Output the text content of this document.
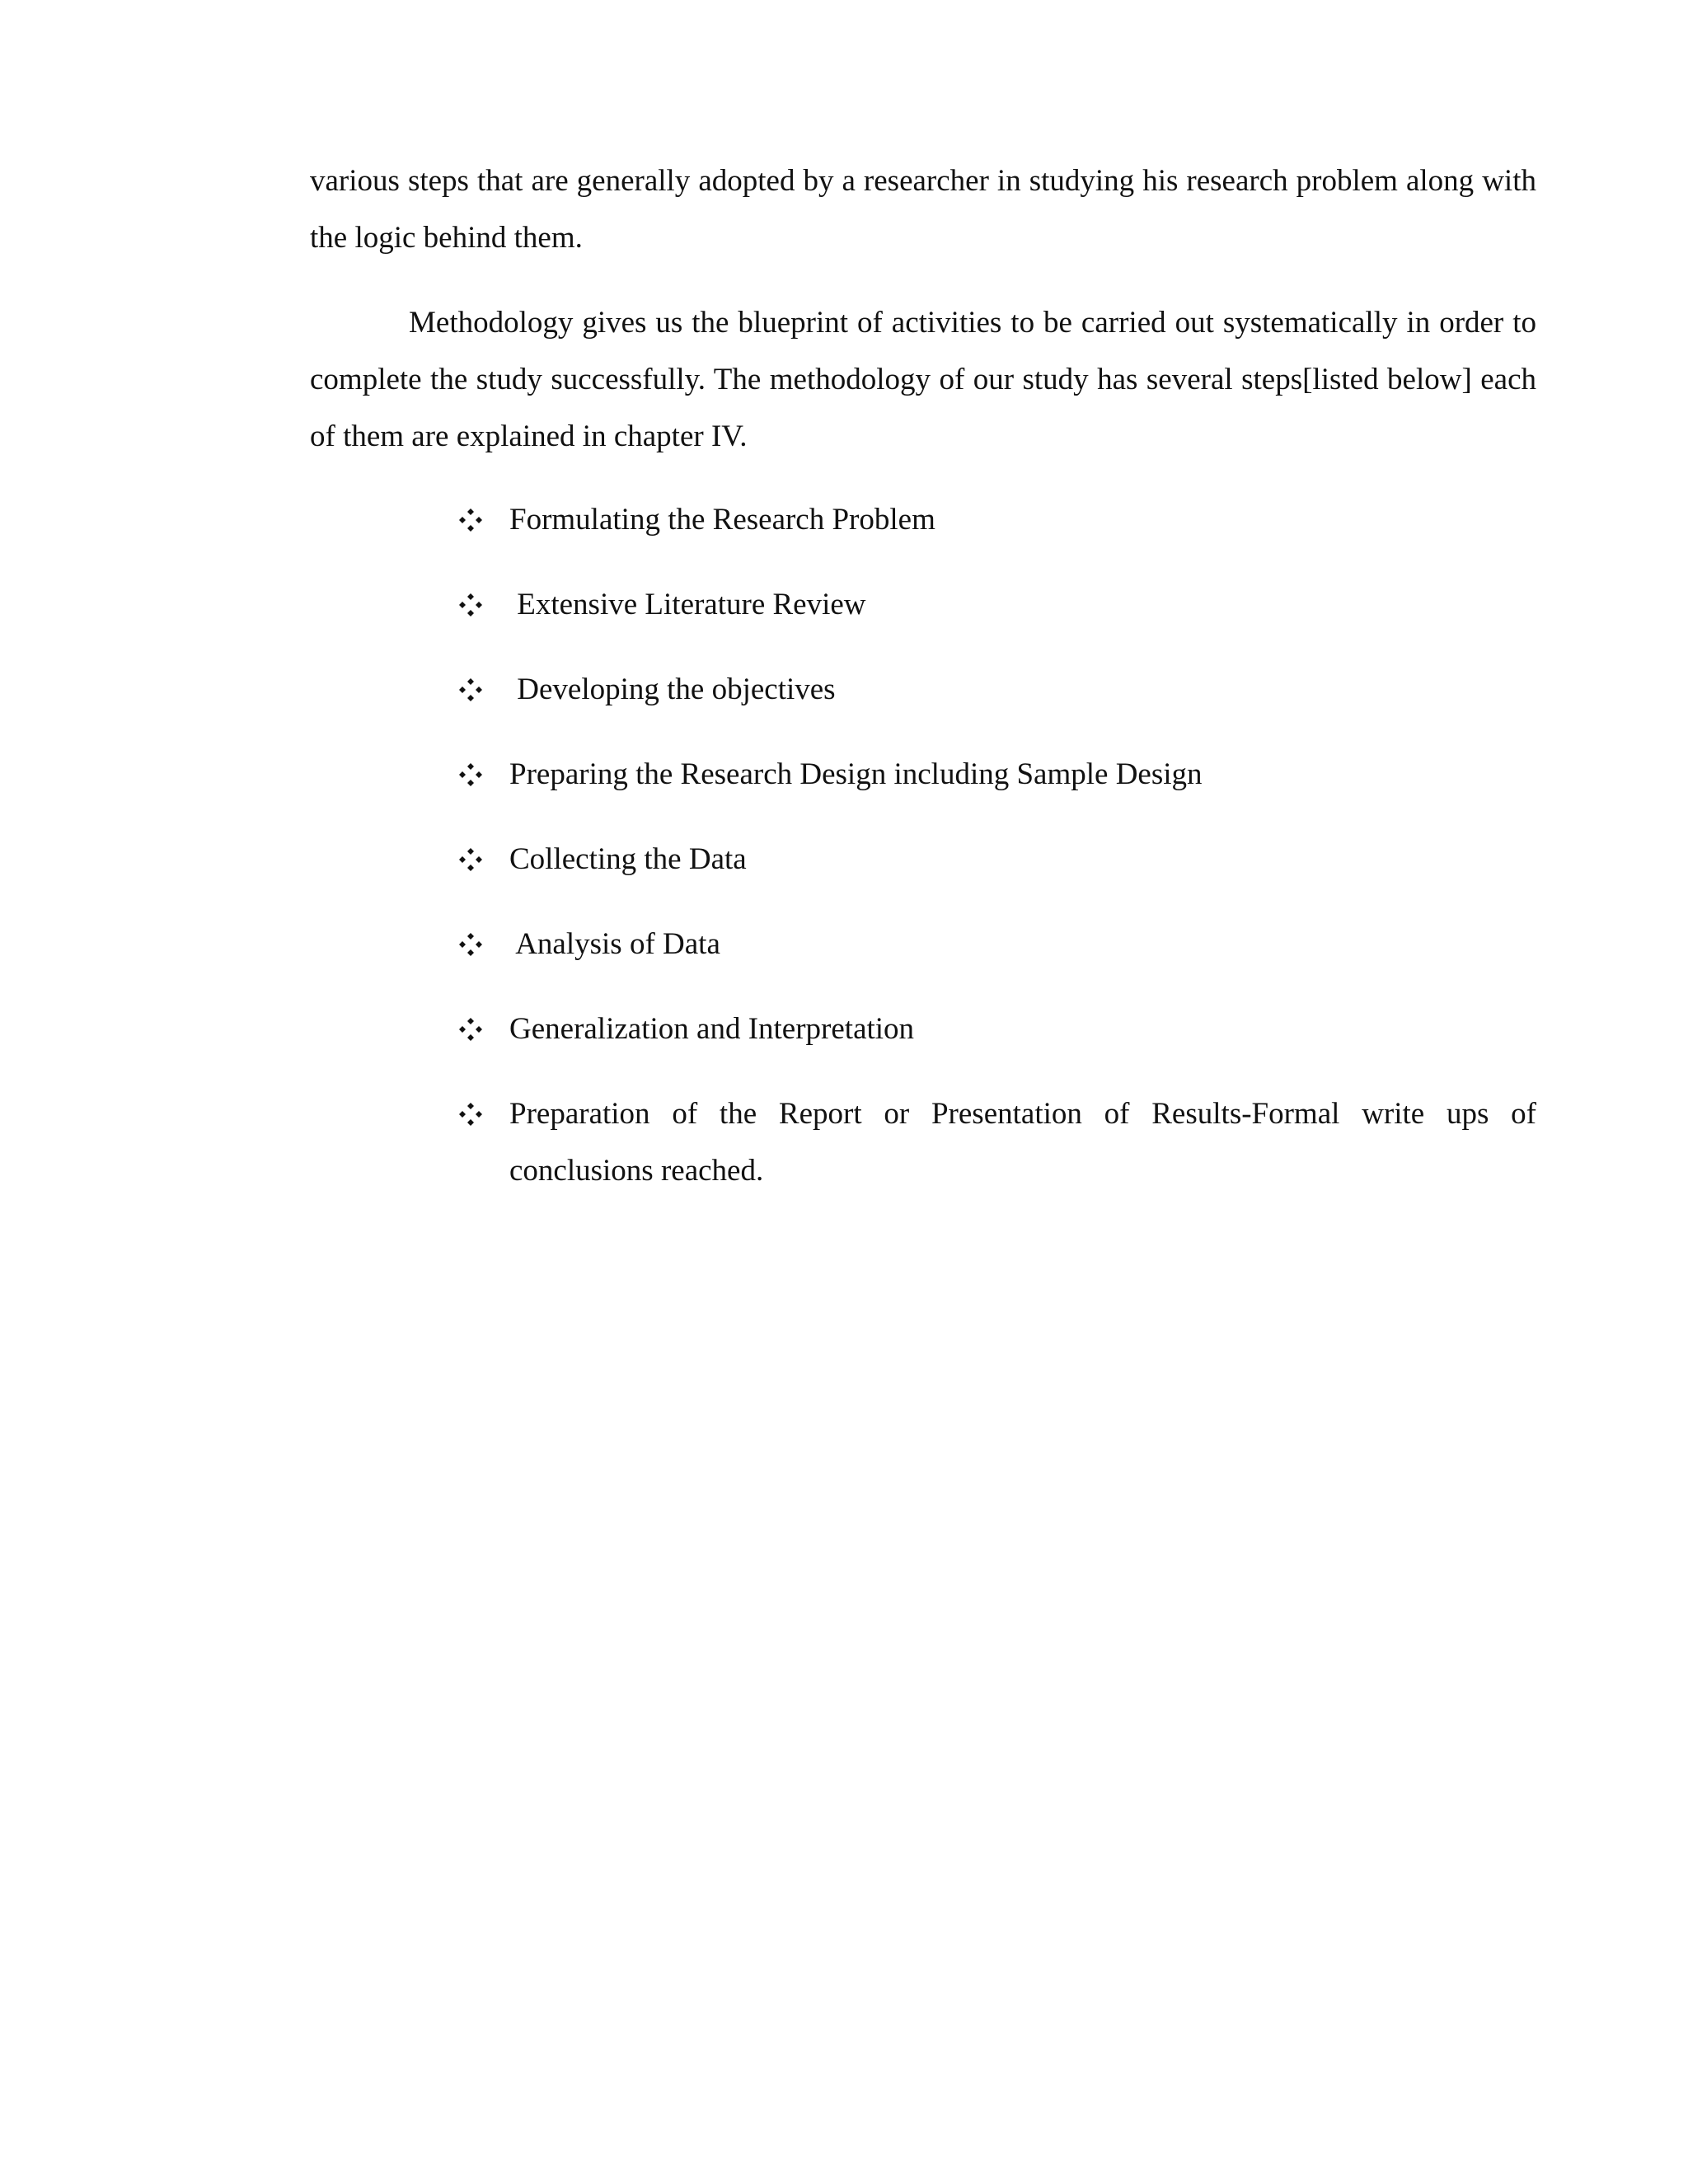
various steps that are generally adopted by a researcher in studying his research problem along with the logic behind them.

Methodology gives us the blueprint of activities to be carried out systematically in order to complete the study successfully. The methodology of our study has several steps[listed below] each of them are explained in chapter IV.

Formulating the Research Problem
Extensive Literature Review
Developing the objectives
Preparing the Research Design including Sample Design
Collecting the Data
Analysis of Data
Generalization and Interpretation
Preparation of the Report or Presentation of Results-Formal write ups of conclusions reached.
